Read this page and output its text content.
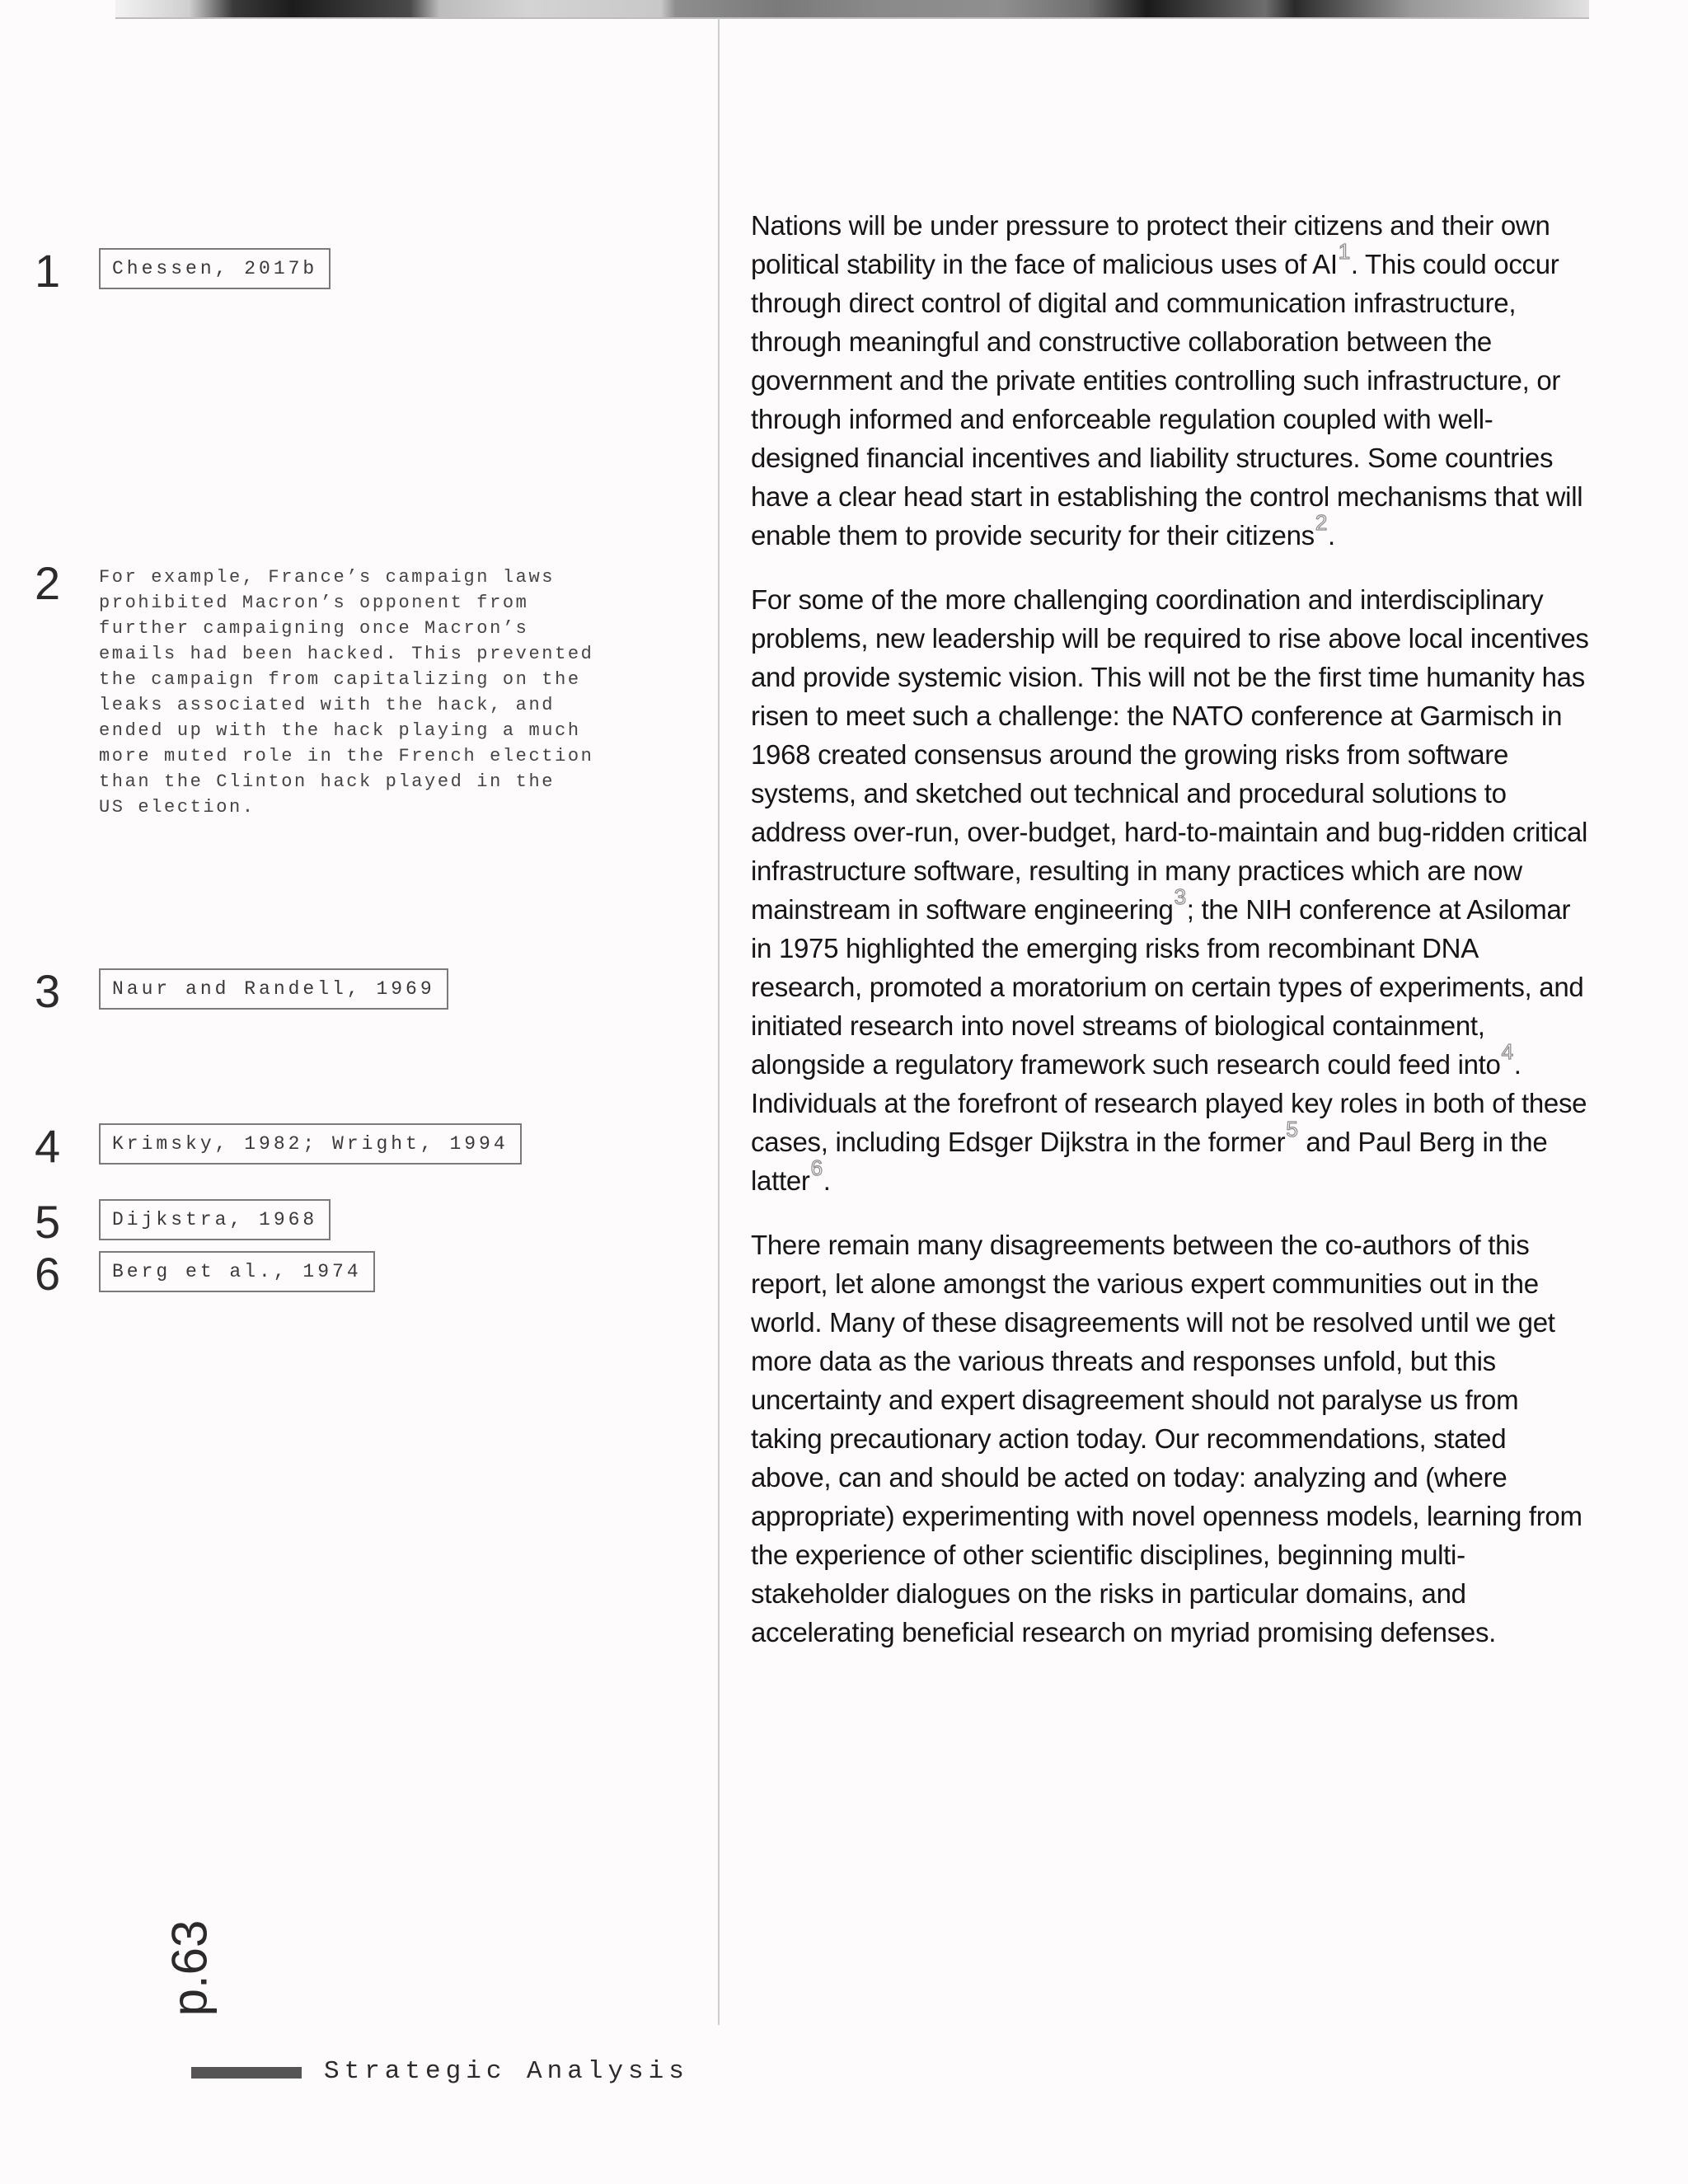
1	Chessen, 2017b
2 For example, France’s campaign laws
prohibited Macron’s opponent from
further campaigning once Macron’s
emails had been hacked. This prevented
the campaign from capitalizing on the
leaks associated with the hack, and
ended up with the hack playing a much
more muted role in the French election
than the Clinton hack played in the
US election.

3	Naur and Randell, 1969
4	Krimsky, 1982; Wright, 1994
5	Dijkstra, 1968
6	Berg et al., 1974

Nations will be under pressure to protect their citizens and their own political stability in the face of malicious uses of AI$^1$. This could occur through direct control of digital and communication infrastructure, through meaningful and constructive collaboration between the government and the private entities controlling such infrastructure, or through informed and enforceable regulation coupled with well-designed financial incentives and liability structures. Some countries have a clear head start in establishing the control mechanisms that will enable them to provide security for their citizens$^2$.

For some of the more challenging coordination and interdisciplinary problems, new leadership will be required to rise above local incentives and provide systemic vision. This will not be the first time humanity has risen to meet such a challenge: the NATO conference at Garmisch in 1968 created consensus around the growing risks from software systems, and sketched out technical and procedural solutions to address over-run, over-budget, hard-to-maintain and bug-ridden critical infrastructure software, resulting in many practices which are now mainstream in software engineering$^3$; the NIH conference at Asilomar in 1975 highlighted the emerging risks from recombinant DNA research, promoted a moratorium on certain types of experiments, and initiated research into novel streams of biological containment, alongside a regulatory framework such research could feed into$^4$. Individuals at the forefront of research played key roles in both of these cases, including Edsger Dijkstra in the former$^5$ and Paul Berg in the latter$^6$.

There remain many disagreements between the co-authors of this report, let alone amongst the various expert communities out in the world. Many of these disagreements will not be resolved until we get more data as the various threats and responses unfold, but this uncertainty and expert disagreement should not paralyse us from taking precautionary action today. Our recommendations, stated above, can and should be acted on today: analyzing and (where appropriate) experimenting with novel openness models, learning from the experience of other scientific disciplines, beginning multi-stakeholder dialogues on the risks in particular domains, and accelerating beneficial research on myriad promising defenses.

p.63
Strategic Analysis
